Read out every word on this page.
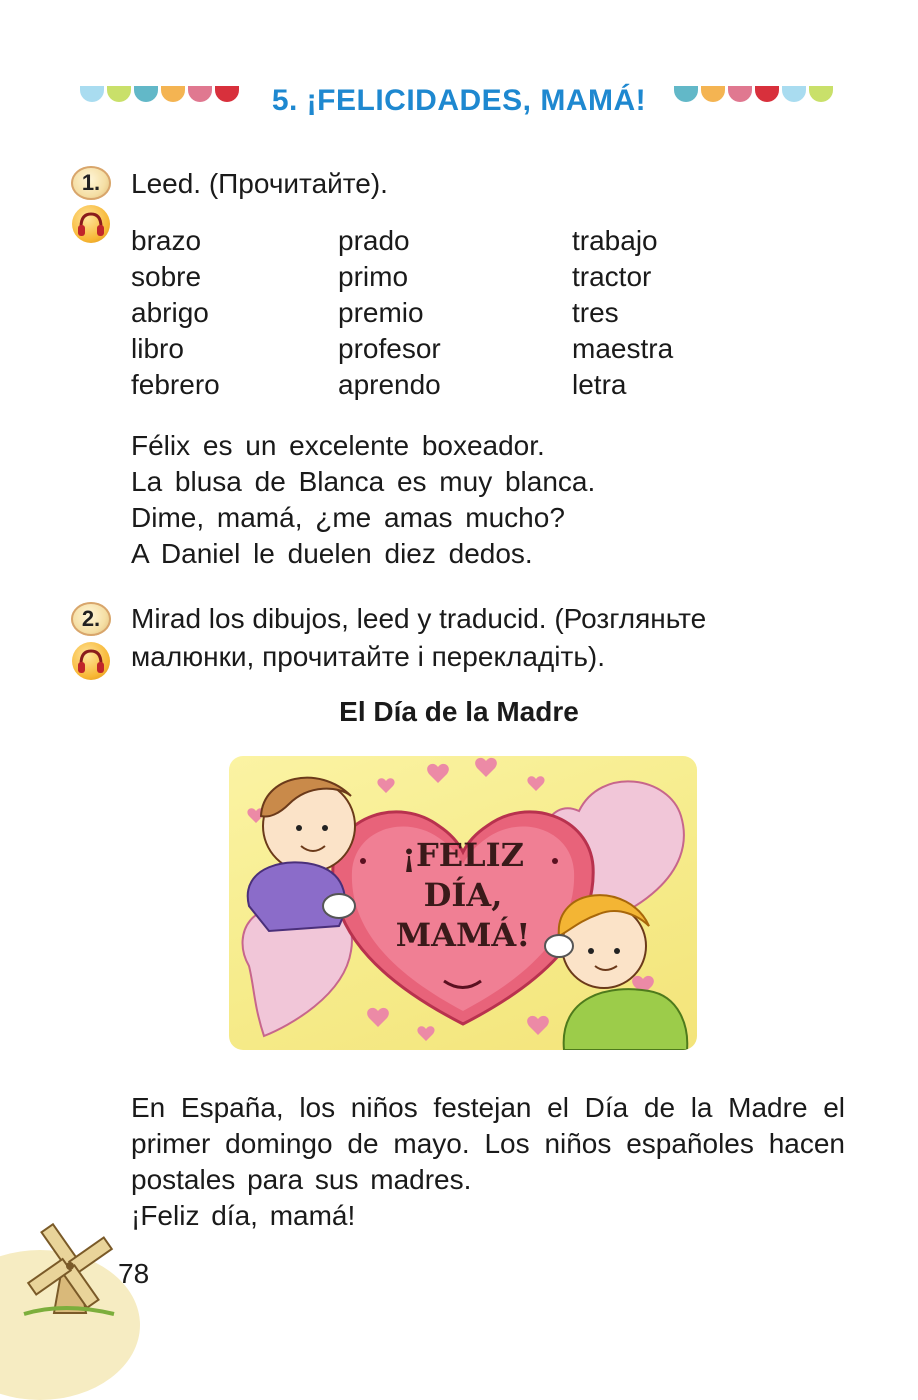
5. ¡FELICIDADES, MAMÁ!
1.	Leed. (Прочитайте).
brazo
sobre
abrigo
libro
febrero
prado
primo
premio
profesor
aprendo
trabajo
tractor
tres
maestra
letra
Félix es un excelente boxeador.
La blusa de Blanca es muy blanca.
Dime, mamá, ¿me amas mucho?
A Daniel le duelen diez dedos.
2.	Mirad los dibujos, leed y traducid. (Розгляньте
малюнки, прочитайте і перекладіть).
El Día de la Madre
¡FELIZ
DÍA,
MAMÁ!
En España, los niños festejan el Día de la Madre el primer domingo de mayo. Los niños españoles hacen postales para sus madres.
¡Feliz día, mamá!
78
